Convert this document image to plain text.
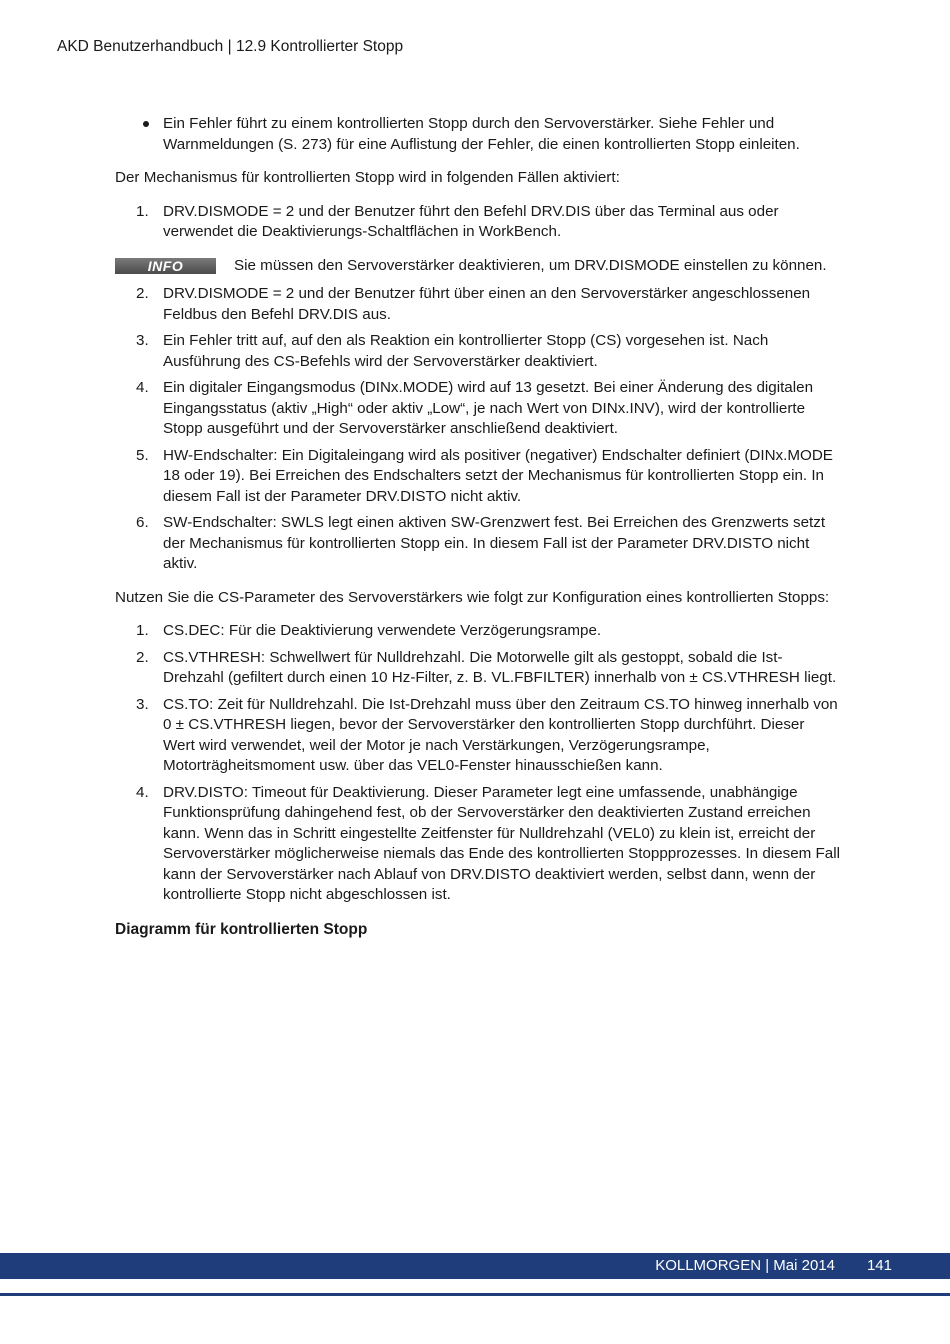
AKD Benutzerhandbuch | 12.9 Kontrollierter Stopp
Ein Fehler führt zu einem kontrollierten Stopp durch den Servoverstärker. Siehe Fehler und Warnmeldungen (S. 273) für eine Auflistung der Fehler, die einen kontrollierten Stopp einleiten.

Der Mechanismus für kontrollierten Stopp wird in folgenden Fällen aktiviert:

1. DRV.DISMODE = 2 und der Benutzer führt den Befehl DRV.DIS über das Terminal aus oder verwendet die Deaktivierungs-Schaltflächen in WorkBench.
INFO	Sie müssen den Servoverstärker deaktivieren, um DRV.DISMODE einstellen zu können.
2. DRV.DISMODE = 2 und der Benutzer führt über einen an den Servoverstärker angeschlossenen Feldbus den Befehl DRV.DIS aus.
3. Ein Fehler tritt auf, auf den als Reaktion ein kontrollierter Stopp (CS) vorgesehen ist. Nach Ausführung des CS-Befehls wird der Servoverstärker deaktiviert.
4. Ein digitaler Eingangsmodus (DINx.MODE) wird auf 13 gesetzt. Bei einer Änderung des digitalen Eingangsstatus (aktiv „High“ oder aktiv „Low“, je nach Wert von DINx.INV), wird der kontrollierte Stopp ausgeführt und der Servoverstärker anschließend deaktiviert.
5. HW-Endschalter: Ein Digitaleingang wird als positiver (negativer) Endschalter definiert (DINx.MODE 18 oder 19). Bei Erreichen des Endschalters setzt der Mechanismus für kontrollierten Stopp ein. In diesem Fall ist der Parameter DRV.DISTO nicht aktiv.
6. SW-Endschalter: SWLS legt einen aktiven SW-Grenzwert fest. Bei Erreichen des Grenzwerts setzt der Mechanismus für kontrollierten Stopp ein. In diesem Fall ist der Parameter DRV.DISTO nicht aktiv.

Nutzen Sie die CS-Parameter des Servoverstärkers wie folgt zur Konfiguration eines kontrollierten Stopps:

1. CS.DEC: Für die Deaktivierung verwendete Verzögerungsrampe.
2. CS.VTHRESH: Schwellwert für Nulldrehzahl. Die Motorwelle gilt als gestoppt, sobald die Ist-Drehzahl (gefiltert durch einen 10 Hz-Filter, z. B. VL.FBFILTER) innerhalb von ± CS.VTHRESH liegt.
3. CS.TO: Zeit für Nulldrehzahl. Die Ist-Drehzahl muss über den Zeitraum CS.TO hinweg innerhalb von 0 ± CS.VTHRESH liegen, bevor der Servoverstärker den kontrollierten Stopp durchführt. Dieser Wert wird verwendet, weil der Motor je nach Verstärkungen, Verzögerungsrampe, Motorträgheitsmoment usw. über das VEL0-Fenster hinausschießen kann.
4. DRV.DISTO: Timeout für Deaktivierung. Dieser Parameter legt eine umfassende, unabhängige Funktionsprüfung dahingehend fest, ob der Servoverstärker den deaktivierten Zustand erreichen kann. Wenn das in Schritt eingestellte Zeitfenster für Nulldrehzahl (VEL0) zu klein ist, erreicht der Servoverstärker möglicherweise niemals das Ende des kontrollierten Stoppprozesses. In diesem Fall kann der Servoverstärker nach Ablauf von DRV.DISTO deaktiviert werden, selbst dann, wenn der kontrollierte Stopp nicht abgeschlossen ist.
Diagramm für kontrollierten Stopp
KOLLMORGEN | Mai 2014 141
